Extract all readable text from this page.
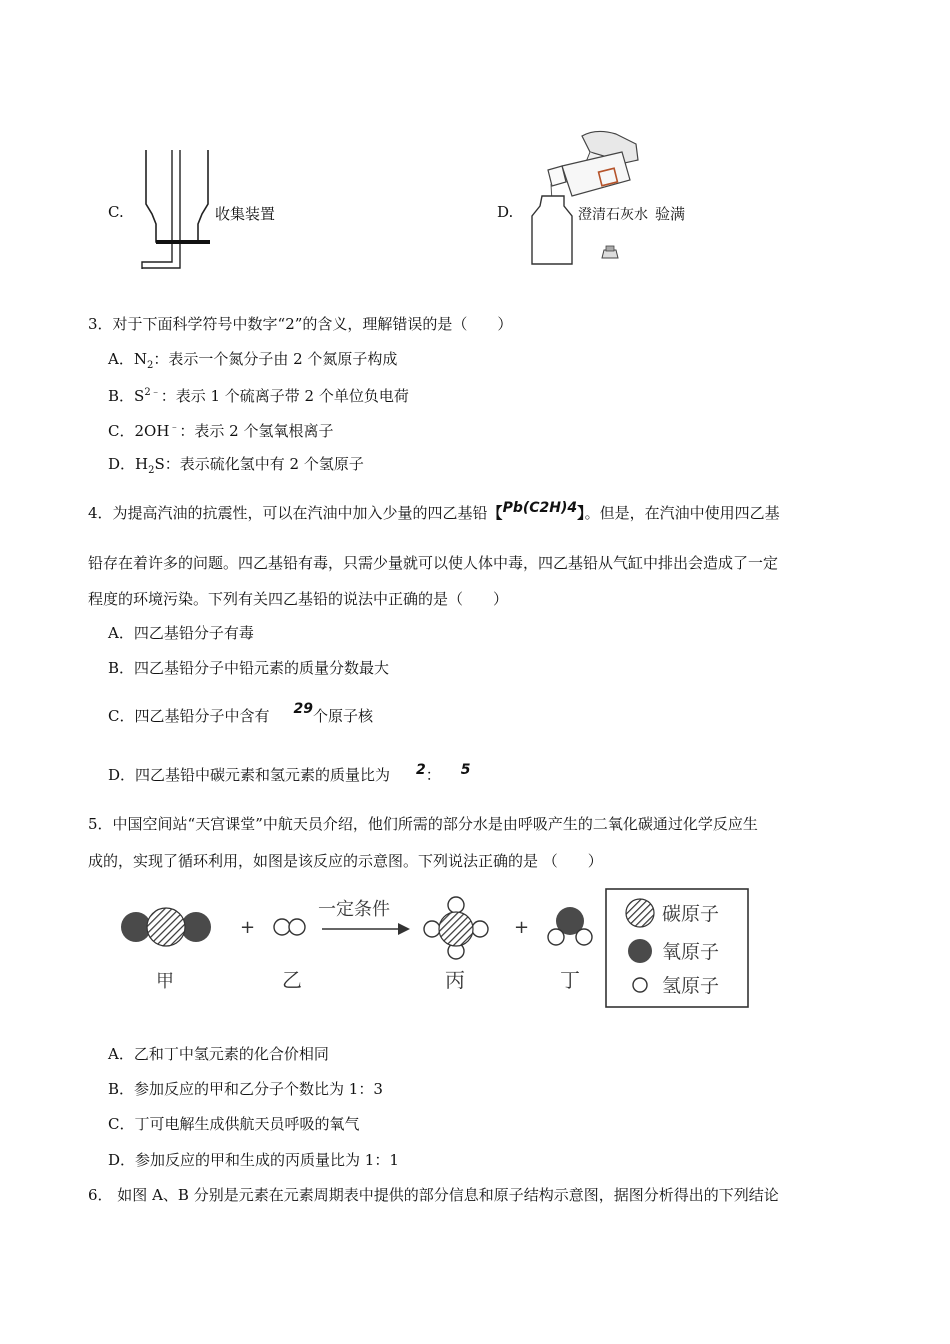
C.	收集装置	D.	澄清石灰水 验满
3．对于下面科学符号中数字“2”的含义，理解错误的是（　　）
A．$N_2$：表示一个氮分子由 2 个氮原子构成
B．$S^{2﹣}$：表示 1 个硫离子带 2 个单位负电荷
C．2OH﹣：表示 2 个氢氧根离子
D．$H_2S$：表示硫化氢中有 2 个氢原子
4．为提高汽油的抗震性，可以在汽油中加入少量的四乙基铅【Pb(C2H)4】。但是，在汽油中使用四乙基
铅存在着许多的问题。四乙基铅有毒，只需少量就可以使人体中毒，四乙基铅从气缸中排出会造成了一定
程度的环境污染。下列有关四乙基铅的说法中正确的是（　　）
A．四乙基铅分子有毒
B．四乙基铅分子中铅元素的质量分数最大
C．四乙基铅分子中含有 29个原子核
D．四乙基铅中碳元素和氢元素的质量比为 2： 5
5．中国空间站“天宫课堂”中航天员介绍，他们所需的部分水是由呼吸产生的二氧化碳通过化学反应生
成的，实现了循环利用，如图是该反应的示意图。下列说法正确的是 （　　）
+
一定条件
+
甲	乙	丙	丁
碳原子
氧原子
氢原子
A．乙和丁中氢元素的化合价相同
B．参加反应的甲和乙分子个数比为 1：3
C．丁可电解生成供航天员呼吸的氧气
D．参加反应的甲和生成的丙质量比为 1：1
6． 如图 A、B 分别是元素在元素周期表中提供的部分信息和原子结构示意图，据图分析得出的下列结论
